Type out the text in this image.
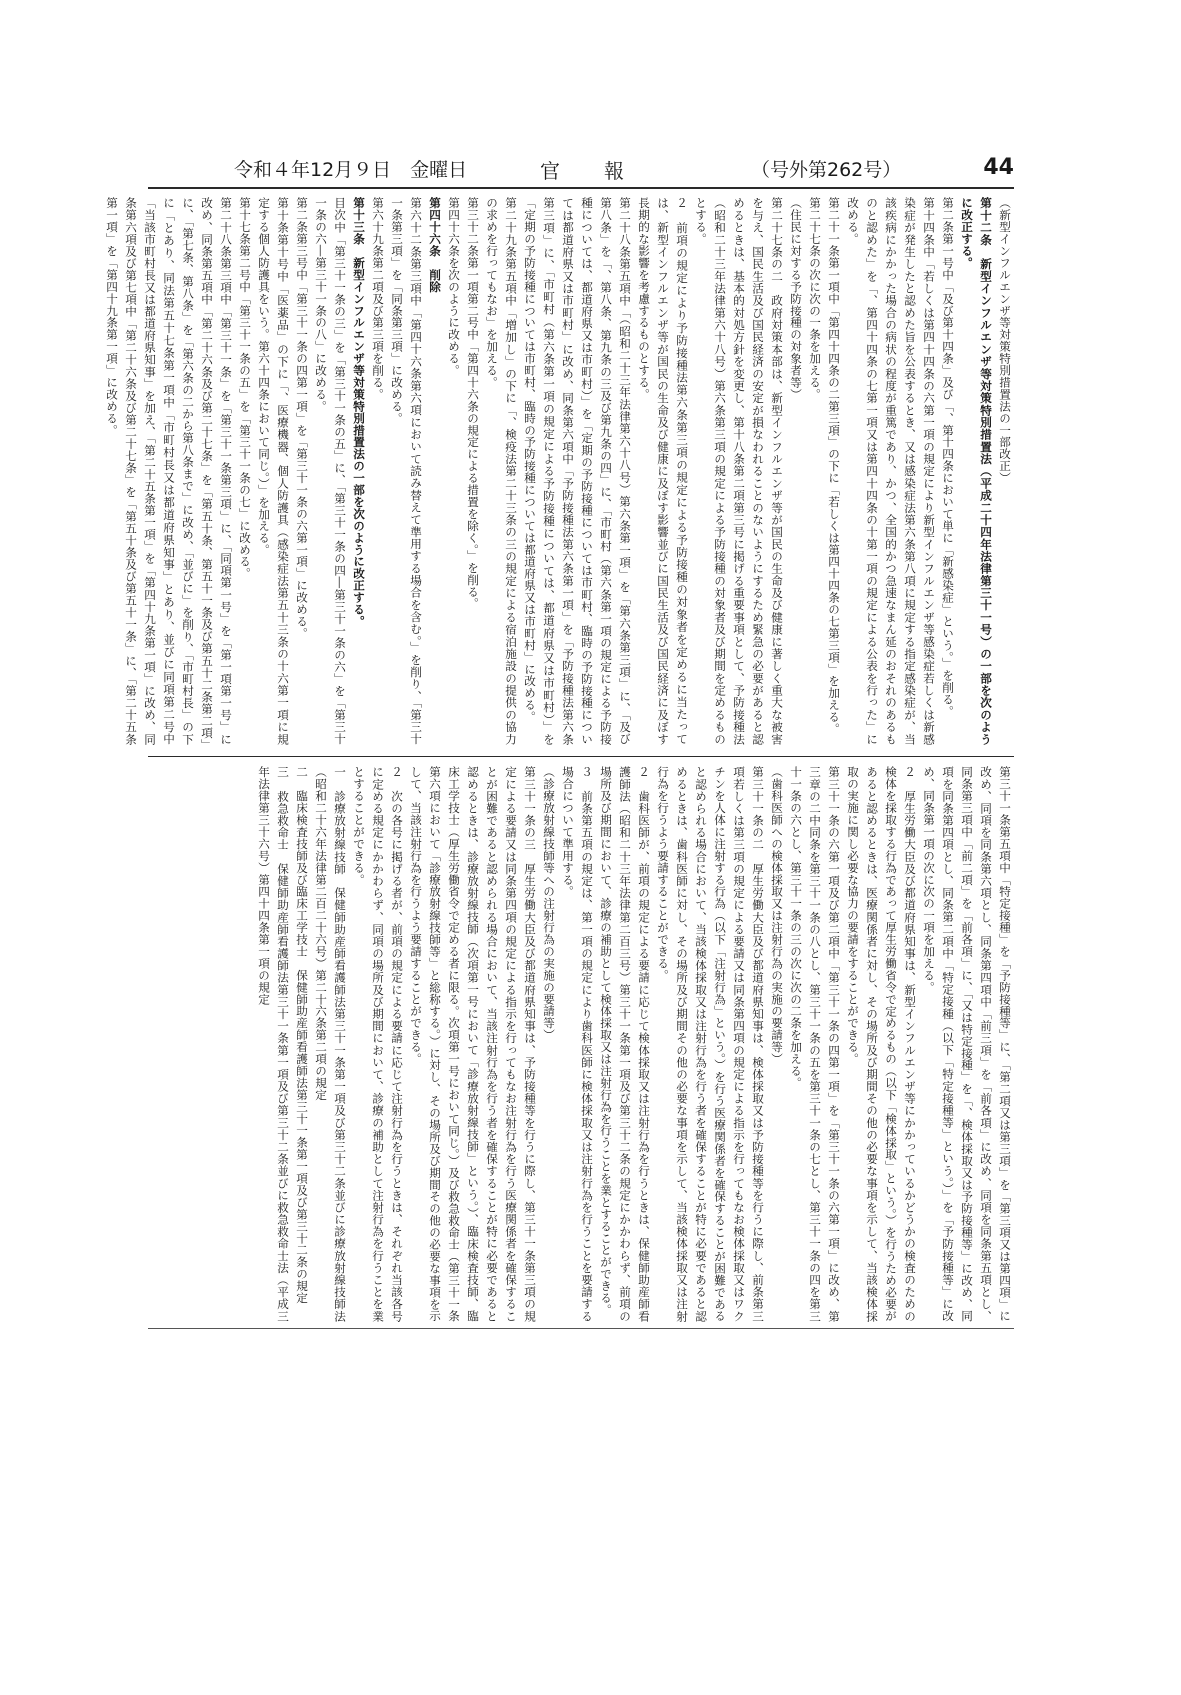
令和４年12月９日　金曜日	官報	（号外第262号）	44

（新型インフルエンザ等対策特別措置法の一部改正）

第十二条　新型インフルエンザ等対策特別措置法（平成二十四年法律第三十一号）の一部を次のように改正する。

第二条第一号中「及び第十四条」及び「、第十四条において単に「新感染症」という。」を削る。

第十四条中「若しくは第四十四条の六第一項の規定により新型インフルエンザ等感染症若しくは新感染症が発生したと認めた旨を公表するとき、又は感染症法第六条第八項に規定する指定感染症が、当該疾病にかかった場合の病状の程度が重篤であり、かつ、全国的かつ急速なまん延のおそれのあるものと認めた」を「、第四十四条の七第一項又は第四十四条の十第一項の規定による公表を行った」に改める。

第二十一条第一項中「第四十四条の二第三項」の下に「若しくは第四十四条の七第三項」を加える。

第二十七条の次に次の一条を加える。

（住民に対する予防接種の対象者等）

第二十七条の二　政府対策本部は、新型インフルエンザ等が国民の生命及び健康に著しく重大な被害を与え、国民生活及び国民経済の安定が損なわれることのないようにするため緊急の必要があると認めるときは、基本的対処方針を変更し、第十八条第二項第三号に掲げる重要事項として、予防接種法（昭和二十三年法律第六十八号）第六条第三項の規定による予防接種の対象者及び期間を定めるものとする。

２　前項の規定により予防接種法第六条第三項の規定による予防接種の対象者を定めるに当たっては、新型インフルエンザ等が国民の生命及び健康に及ぼす影響並びに国民生活及び国民経済に及ぼす長期的な影響を考慮するものとする。

第二十八条第五項中「（昭和二十三年法律第六十八号）第六条第一項」を「第六条第三項」に、「及び第八条」を「、第八条、第九条の三及び第九条の四」に、「市町村（第六条第一項の規定による予防接種については、都道府県又は市町村）」を「定期の予防接種については市町村、臨時の予防接種については都道府県又は市町村」に改め、同条第六項中「予防接種法第六条第一項」を「予防接種法第六条第三項」に、「市町村（第六条第一項の規定による予防接種については、都道府県又は市町村）」を「定期の予防接種については市町村、臨時の予防接種については都道府県又は市町村」に改める。

第二十九条第五項中「増加し」の下に「、検疫法第二十三条の三の規定による宿泊施設の提供の協力の求めを行ってもなお」を加える。

第三十二条第一項第二号中「第四十六条の規定による措置を除く。」を削る。

第四十六条を次のように改める。

第四十六条　削除

第六十二条第三項中「第四十六条第六項において読み替えて準用する場合を含む。」を削り、「第三十一条第三項」を「同条第三項」に改める。

第六十九条第二項及び第三項を削る。

第十三条　新型インフルエンザ等対策特別措置法の一部を次のように改正する。

目次中「第三十一条の三」を「第三十一条の五」に、「第三十一条の四―第三十一条の六」を「第三十一条の六―第三十一条の八」に改める。

第二条第三号中「第三十一条の四第一項」を「第三十一条の六第一項」に改める。

第十条第十号中「医薬品」の下に「、医療機器、個人防護具（感染症法第五十三条の十六第一項に規定する個人防護具をいう。第六十四条において同じ。）」を加える。

第十七条第二号中「第三十一条の五」を「第三十一条の七」に改める。

第二十八条第三項中「第三十一条」を「第三十一条第三項」に、「同項第一号」を「第一項第一号」に改め、同条第五項中「第二十六条及び第二十七条」を「第五十条、第五十一条及び第五十二条第二項」に、「第七条、第八条」を「第六条の二から第八条まで」に改め、「並びに」を削り、「市町村長」の下に「とあり、同法第五十七条第一項中「市町村長又は都道府県知事」とあり、並びに同項第二号中「当該市町村長又は都道府県知事」を加え、「第二十五条第一項」を「第四十九条第一項」に改め、同条第六項及び第七項中「第二十六条及び第二十七条」を「第五十条及び第五十一条」に、「第二十五条第一項」を「第四十九条第一項」に改める。

第三十一条第五項中「特定接種」を「予防接種等」に、「第二項又は第三項」を「第三項又は第四項」に改め、同項を同条第六項とし、同条第四項中「前三項」を「前各項」に改め、同項を同条第五項とし、同条第三項中「前二項」を「前各項」に、「又は特定接種」を「、検体採取又は予防接種等」に改め、同項を同条第四項とし、同条第二項中「特定接種（以下「特定接種等」という。）」を「予防接種等」に改め、同条第一項の次に次の一項を加える。

２　厚生労働大臣及び都道府県知事は、新型インフルエンザ等にかかっているかどうかの検査のための検体を採取する行為であって厚生労働省令で定めるもの（以下「検体採取」という。）を行うため必要があると認めるときは、医療関係者に対し、その場所及び期間その他の必要な事項を示して、当該検体採取の実施に関し必要な協力の要請をすることができる。

第三十一条の六第一項及び第二項中「第三十一条の四第一項」を「第三十一条の六第一項」に改め、第三章の二中同条を第三十一条の八とし、第三十一条の五を第三十一条の七とし、第三十一条の四を第三十一条の六とし、第三十一条の三の次に次の二条を加える。

（歯科医師への検体採取又は注射行為の実施の要請等）

第三十一条の二　厚生労働大臣及び都道府県知事は、検体採取又は予防接種等を行うに際し、前条第三項若しくは第三項の規定による要請又は同条第四項の規定による指示を行ってもなお検体採取又はワクチンを人体に注射する行為（以下「注射行為」という。）を行う医療関係者を確保することが困難であると認められる場合において、当該検体採取又は注射行為を行う者を確保することが特に必要であると認めるときは、歯科医師に対し、その場所及び期間その他の必要な事項を示して、当該検体採取又は注射行為を行うよう要請することができる。

２　歯科医師が、前項の規定による要請に応じて検体採取又は注射行為を行うときは、保健師助産師看護師法（昭和二十三年法律第二百三号）第三十一条第一項及び第三十二条の規定にかかわらず、前項の場所及び期間において、診療の補助として検体採取又は注射行為を行うことを業とすることができる。

３　前条第五項の規定は、第一項の規定により歯科医師に検体採取又は注射行為を行うことを要請する場合について準用する。

（診療放射線技師等への注射行為の実施の要請等）

第三十一条の三　厚生労働大臣及び都道府県知事は、予防接種等を行うに際し、第三十一条第三項の規定による要請又は同条第四項の規定による指示を行ってもなお注射行為を行う医療関係者を確保することが困難であると認められる場合において、当該注射行為を行う者を確保することが特に必要であると認めるときは、診療放射線技師（次項第一号において「診療放射線技師」という。）、臨床検査技師、臨床工学技士（厚生労働省令で定める者に限る。次項第一号において同じ。）及び救急救命士（第三十一条第六項において「診療放射線技師等」と総称する。）に対し、その場所及び期間その他の必要な事項を示して、当該注射行為を行うよう要請することができる。

２　次の各号に掲げる者が、前項の規定による要請に応じて注射行為を行うときは、それぞれ当該各号に定める規定にかかわらず、同項の場所及び期間において、診療の補助として注射行為を行うことを業とすることができる。

一　診療放射線技師　保健師助産師看護師法第三十一条第一項及び第三十二条並びに診療放射線技師法（昭和二十六年法律第二百二十六号）第二十六条第二項の規定

二　臨床検査技師及び臨床工学技士　保健師助産師看護師法第三十一条第一項及び第三十二条の規定

三　救急救命士　保健師助産師看護師法第三十一条第一項及び第三十二条並びに救急救命士法（平成三年法律第三十六号）第四十四条第一項の規定
